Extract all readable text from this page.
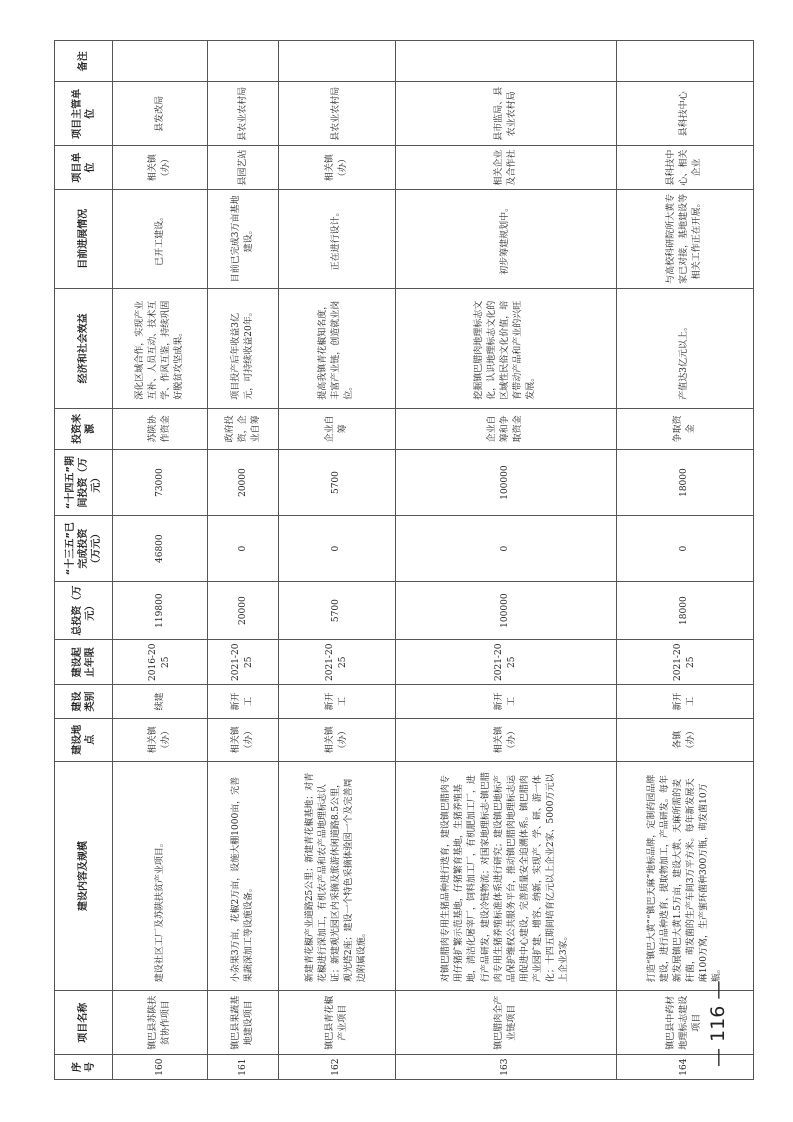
序号	项目名称	建设内容及规模	建设地点	建设类别	建设起止年限	总投资（万元）	“十三五”已完成投资（万元）	“十四五”期间投资（万元）	投资来源	经济和社会效益	目前进展情况	项目单位	项目主管单位	备注
160	镇巴县苏陕扶贫协作项目	建设社区工厂及苏陕扶贫产业项目。	相关镇（办）	续建	2016-2025	119800	46800	73000	苏陕协作资金	深化区域合作，实现产业互补、人员互动、技术互学、作风互鉴，持续巩固好脱贫攻坚成果。	已开工建设。	相关镇（办）	县发改局	
161	镇巴县果蔬基地建设项目	小杂果3万亩，花椒2万亩，设施大棚1000亩，完善果蔬深加工等设施设备。	相关镇（办）	新开工	2021-2025	20000	0	20000	政府投资，企业自筹	项目投产后年收益3亿元，可持续收益20年。	目前已完成3万亩基地建设。	县园艺站	县农业农村局	
162	镇巴县青花椒产业项目	新建青花椒产业道路25公里；新建青花椒基地；对青花椒进行深加工，有机农产品和农产品地理标志认证；新建观光园区内采摘及旅游休闲道路8.5公里，观光塔2座；建设一个特色采摘体验园一个及完善周边附属设施。	相关镇（办）	新开工	2021-2025	5700	0	5700	企业自筹	提高我镇青花椒知名度，丰富产业链，创造就业岗位。	正在进行设计。	相关镇（办）	县农业农村局	
163	镇巴腊肉全产业链项目	对镇巴腊肉专用生猪品种进行选育，建设镇巴腊肉专用仔猪扩繁示范基地，仔猪繁育基地，生猪养殖基地，清洁化屠宰厂，饲料加工厂，有机肥加工厂，进行产品研发，建设冷链物流；对国家地理标志-镇巴腊肉专用生猪养殖标准体系进行研究；建设镇巴地标产品保护维权公共服务平台，推动镇巴腊肉地理标志运用促进中心建设，完善质量安全追溯体系。镇巴腊肉产业园扩建、增容、纳新，实现产、学、研、游一体化；十四五期间培育亿元以上企业2家、5000万元以上企业3家。	相关镇（办）	新开工	2021-2025	100000	0	100000	企业自筹和争取资金	挖掘镇巴腊肉地理标志文化，认识地理标志文化的区域性民俗文化价值，培育带动产品和产业的兴旺发展。	初步筹建规划中。	相关企业及合作社	县市监局、县农业农村局	
164	镇巴县中药材地理标志建设项目	打造“镇巴大黄”“镇巴天麻”地标品牌，定制药园品牌建设，进行品种选育、提取物加工，产品研发。每年新发展镇巴大黄1.5万亩，建设大黄、天麻所需的麦秆菌，萌发菌的生产车间3万平方米。每年新发展天麻100万窝，生产蜜环菌种300万瓶，萌发菌10万瓶。	各镇（办）	新开工	2021-2025	18000	0	18000	争取资金	产值达3亿元以上。	与高校科研院所大黄专家已对接，基地建设等相关工作正在开展。	县科技中心、相关企业	县科技中心	
— 116 —
